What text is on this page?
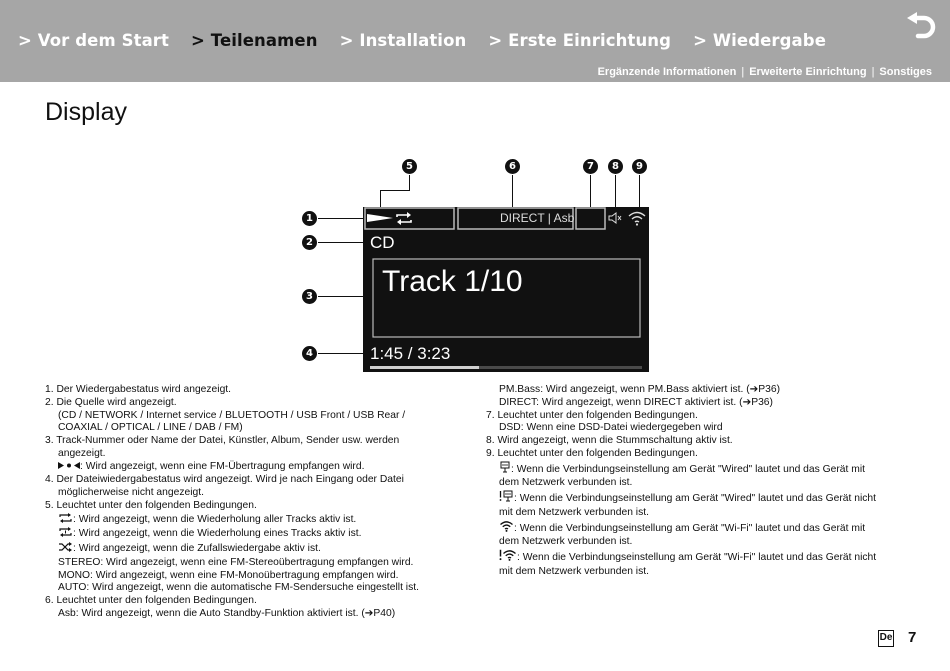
> Vor dem Start > Teilenamen > Installation > Erste Einrichtung > Wiedergabe
Ergänzende Informationen | Erweiterte Einrichtung | Sonstiges
Display
1
2
3
4
5	6	7	8	9
DIRECT | Asb
CD
Track 1/10
1:45 / 3:23
1. Der Wiedergabestatus wird angezeigt.
2. Die Quelle wird angezeigt.
(CD / NETWORK / Internet service / BLUETOOTH / USB Front / USB Rear /
COAXIAL / OPTICAL / LINE / DAB / FM)
3. Track-Nummer oder Name der Datei, Künstler, Album, Sender usw. werden
angezeigt.
: Wird angezeigt, wenn eine FM-Übertragung empfangen wird.
4. Der Dateiwiedergabestatus wird angezeigt. Wird je nach Eingang oder Datei
möglicherweise nicht angezeigt.
5. Leuchtet unter den folgenden Bedingungen.
: Wird angezeigt, wenn die Wiederholung aller Tracks aktiv ist.
: Wird angezeigt, wenn die Wiederholung eines Tracks aktiv ist.
: Wird angezeigt, wenn die Zufallswiedergabe aktiv ist.
STEREO: Wird angezeigt, wenn eine FM-Stereoübertragung empfangen wird.
MONO: Wird angezeigt, wenn eine FM-Monoübertragung empfangen wird.
AUTO: Wird angezeigt, wenn die automatische FM-Sendersuche eingestellt ist.
6. Leuchtet unter den folgenden Bedingungen.
Asb: Wird angezeigt, wenn die Auto Standby-Funktion aktiviert ist. (➔P40)
PM.Bass: Wird angezeigt, wenn PM.Bass aktiviert ist. (➔P36)
DIRECT: Wird angezeigt, wenn DIRECT aktiviert ist. (➔P36)
7. Leuchtet unter den folgenden Bedingungen.
DSD: Wenn eine DSD-Datei wiedergegeben wird
8. Wird angezeigt, wenn die Stummschaltung aktiv ist.
9. Leuchtet unter den folgenden Bedingungen.
: Wenn die Verbindungseinstellung am Gerät "Wired" lautet und das Gerät mit
dem Netzwerk verbunden ist.
: Wenn die Verbindungseinstellung am Gerät "Wired" lautet und das Gerät nicht
mit dem Netzwerk verbunden ist.
: Wenn die Verbindungseinstellung am Gerät "Wi-Fi" lautet und das Gerät mit
dem Netzwerk verbunden ist.
: Wenn die Verbindungseinstellung am Gerät "Wi-Fi" lautet und das Gerät nicht
mit dem Netzwerk verbunden ist.
De 7
